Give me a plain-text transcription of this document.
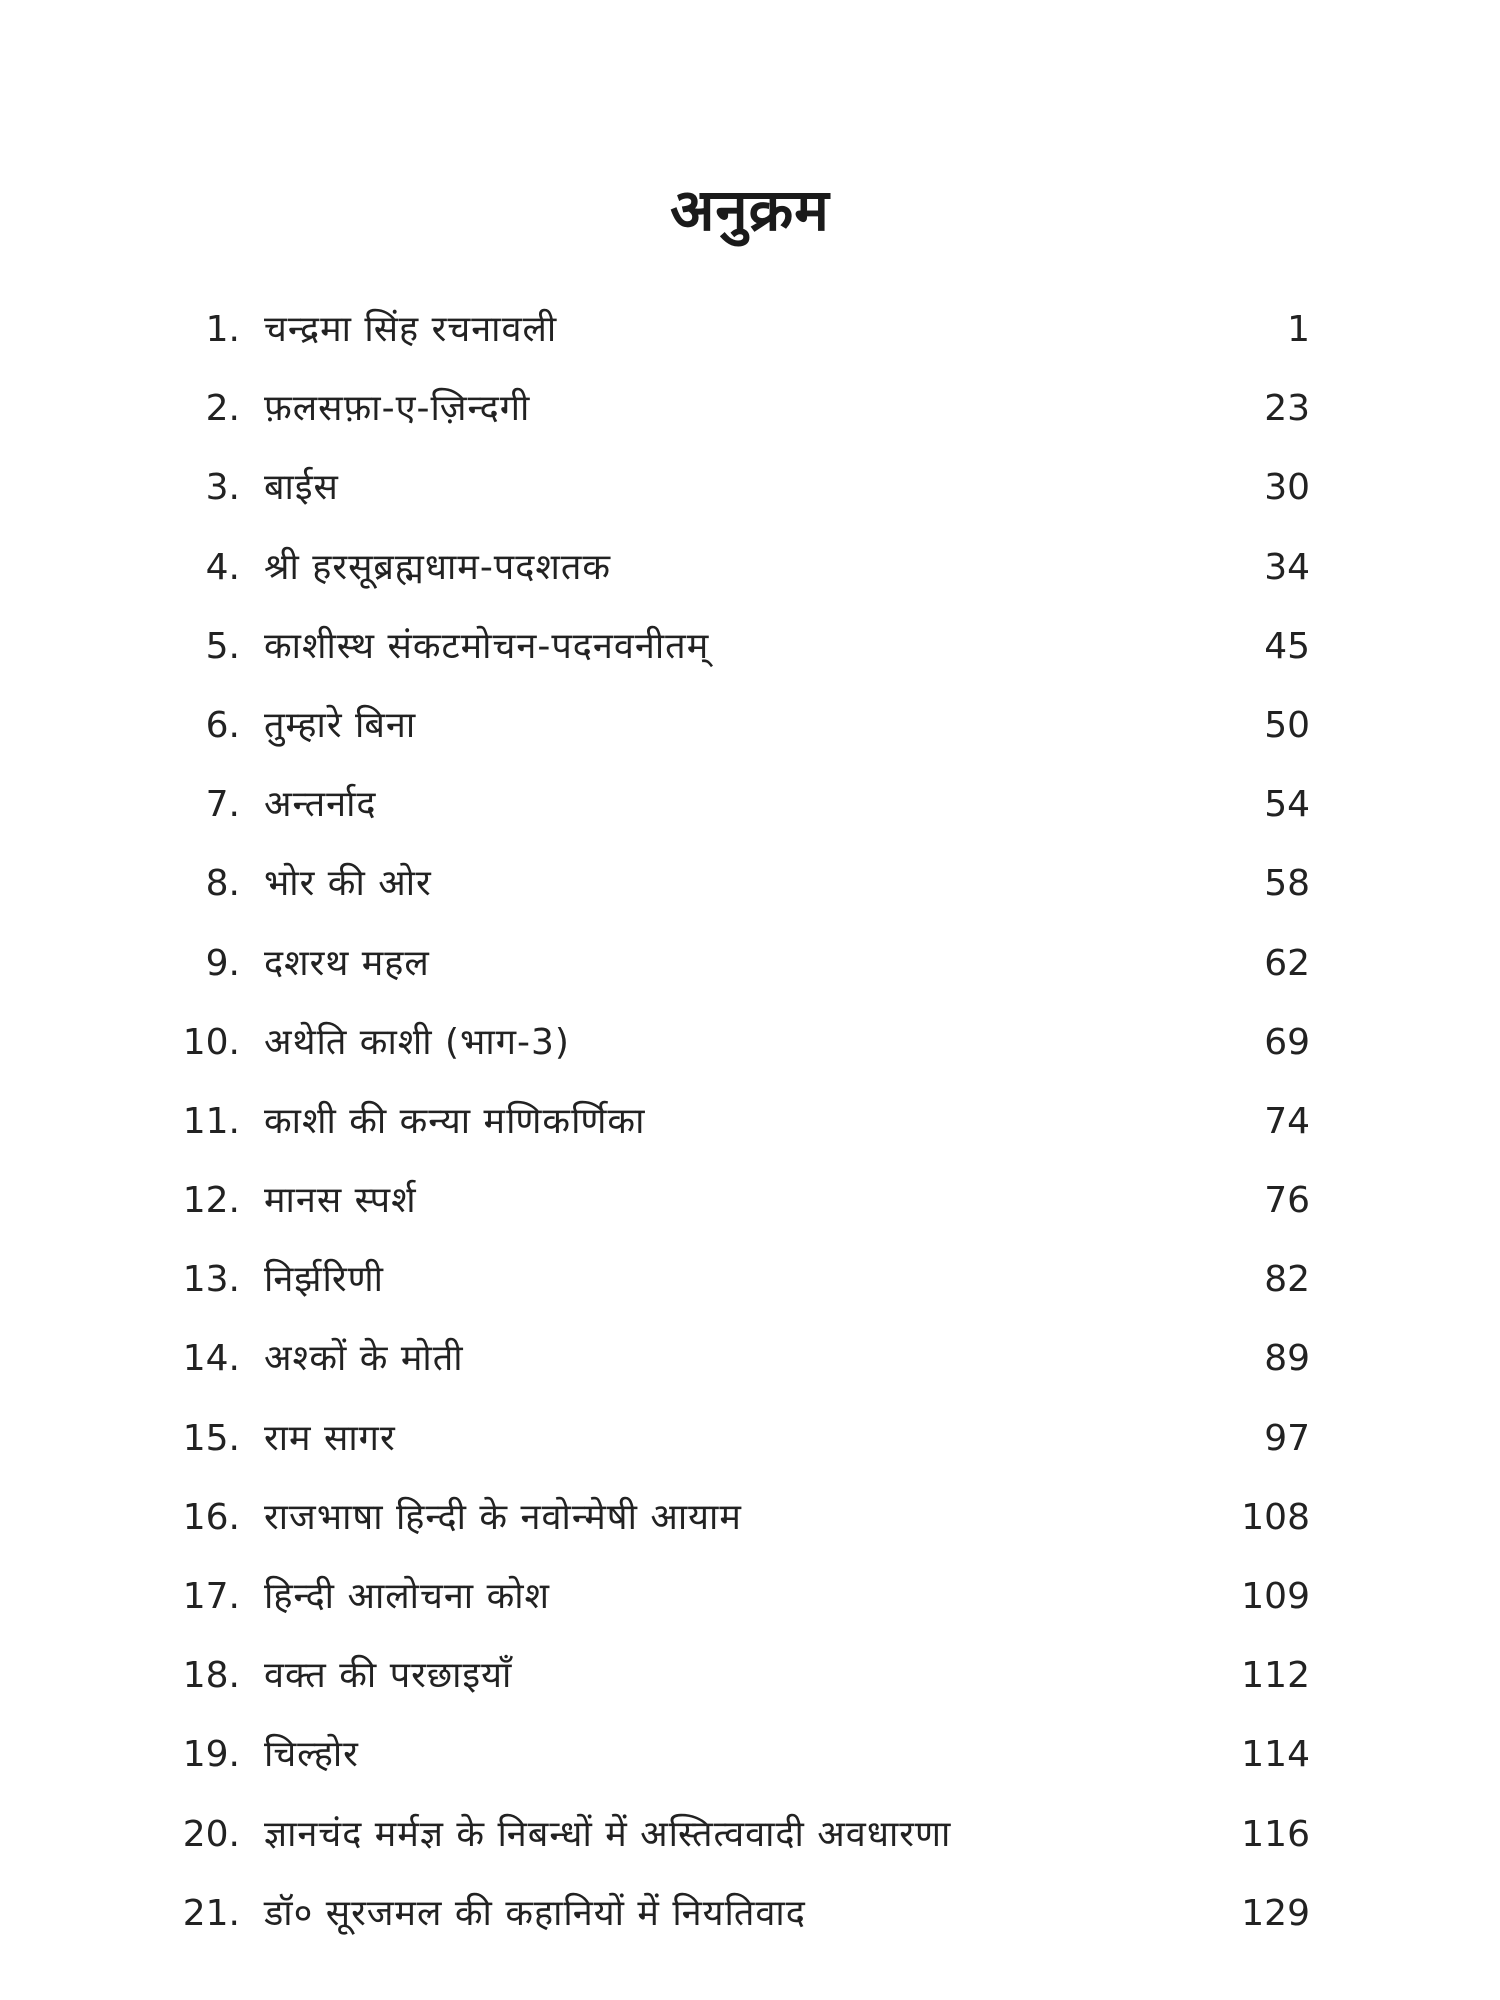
अनुक्रम
1. चन्द्रमा सिंह रचनावली	1
2. फ़लसफ़ा-ए-ज़िन्दगी	23
3. बाईस	30
4. श्री हरसूब्रह्मधाम-पदशतक	34
5. काशीस्थ संकटमोचन-पदनवनीतम्	45
6. तुम्हारे बिना	50
7. अन्तर्नाद	54
8. भोर की ओर	58
9. दशरथ महल	62
10. अथेति काशी (भाग-3)	69
11. काशी की कन्या मणिकर्णिका	74
12. मानस स्पर्श	76
13. निर्झरिणी	82
14. अश्कों के मोती	89
15. राम सागर	97
16. राजभाषा हिन्दी के नवोन्मेषी आयाम	108
17. हिन्दी आलोचना कोश	109
18. वक्त की परछाइयाँ	112
19. चिल्होर	114
20. ज्ञानचंद मर्मज्ञ के निबन्धों में अस्तित्ववादी अवधारणा	116
21. डॉ० सूरजमल की कहानियों में नियतिवाद	129
